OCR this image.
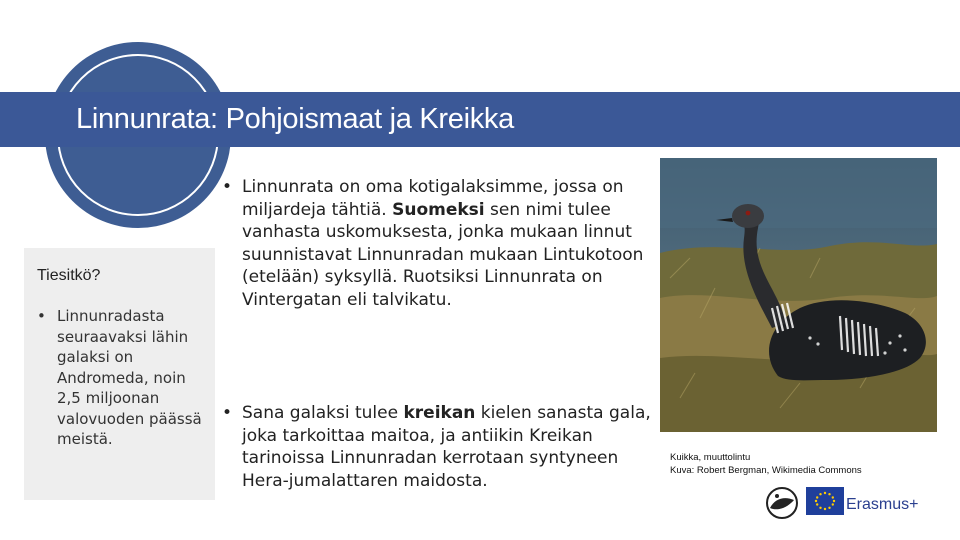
Linnunrata: Pohjoismaat ja Kreikka
Tiesitkö?
• Linnunradasta seuraavaksi lähin galaksi on Andromeda, noin 2,5 miljoonan valovuoden päässä meistä.
• Linnunrata on oma kotigalaksimme, jossa on miljardeja tähtiä. Suomeksi sen nimi tulee vanhasta uskomuksesta, jonka mukaan linnut suunnistavat Linnunradan mukaan Lintukotoon (etelään) syksyllä. Ruotsiksi Linnunrata on Vintergatan eli talvikatu.
• Sana galaksi tulee kreikan kielen sanasta gala, joka tarkoittaa maitoa, ja antiikin Kreikan tarinoissa Linnunradan kerrotaan syntyneen Hera-jumalattaren maidosta.
Kuikka, muuttolintu
Kuva: Robert Bergman, Wikimedia Commons
Erasmus+
